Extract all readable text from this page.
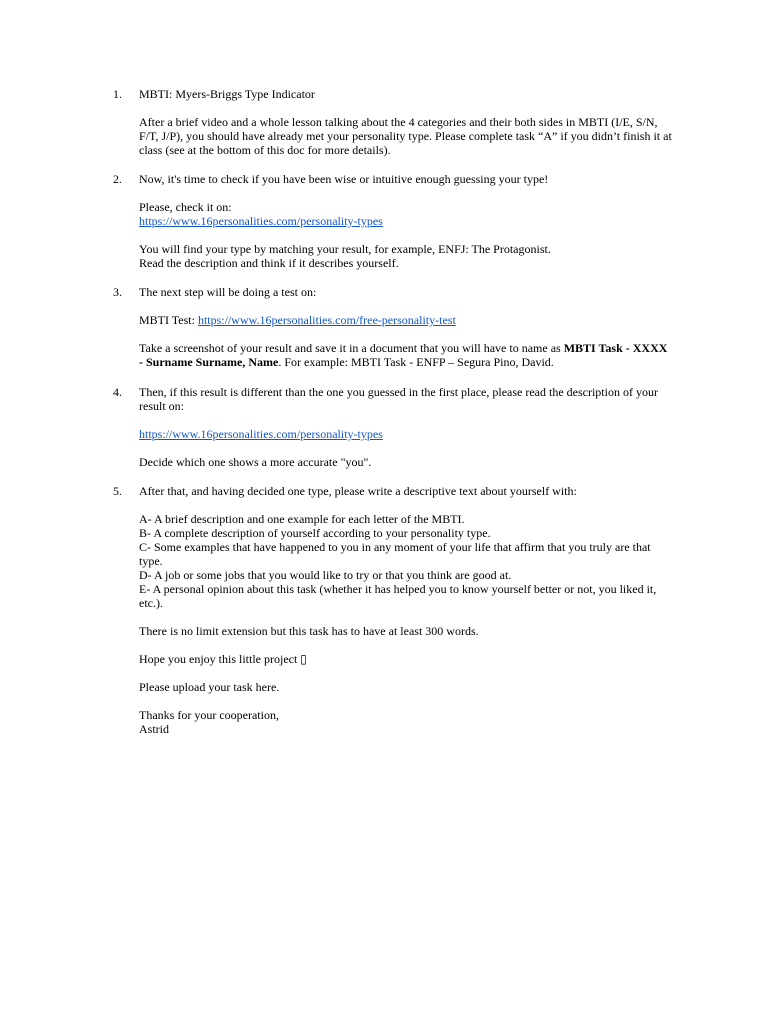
1.	MBTI: Myers-Briggs Type Indicator

After a brief video and a whole lesson talking about the 4 categories and their both sides in MBTI (I/E, S/N, F/T, J/P), you should have already met your personality type. Please complete task “A” if you didn’t finish it at class (see at the bottom of this doc for more details).

2.	Now, it's time to check if you have been wise or intuitive enough guessing your type!

Please, check it on:
https://www.16personalities.com/personality-types

You will find your type by matching your result, for example, ENFJ: The Protagonist.
Read the description and think if it describes yourself.

3.	The next step will be doing a test on:

MBTI Test: https://www.16personalities.com/free-personality-test

Take a screenshot of your result and save it in a document that you will have to name as MBTI Task - XXXX - Surname Surname, Name. For example: MBTI Task - ENFP – Segura Pino, David.

4.	Then, if this result is different than the one you guessed in the first place, please read the description of your result on:

https://www.16personalities.com/personality-types

Decide which one shows a more accurate "you".

5.	After that, and having decided one type, please write a descriptive text about yourself with:

A- A brief description and one example for each letter of the MBTI.
B- A complete description of yourself according to your personality type.
C- Some examples that have happened to you in any moment of your life that affirm that you truly are that type.
D- A job or some jobs that you would like to try or that you think are good at.
E- A personal opinion about this task (whether it has helped you to know yourself better or not, you liked it, etc.).

There is no limit extension but this task has to have at least 300 words.

Hope you enjoy this little project ▯

Please upload your task here.

Thanks for your cooperation,
Astrid
